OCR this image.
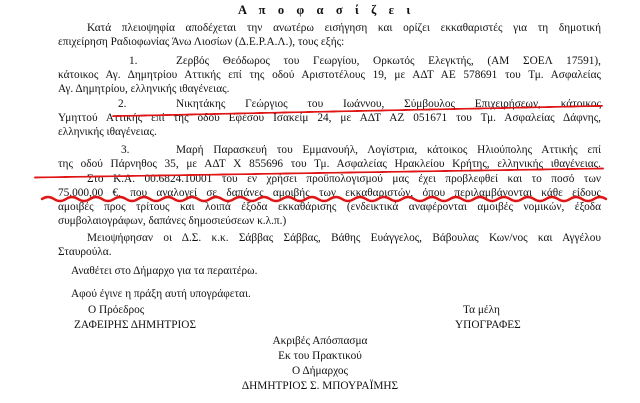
Α π ο φ α σ ί ζ ε ι
Κατά πλειοψηφία αποδέχεται την ανωτέρω εισήγηση και ορίζει εκκαθαριστές για τη δημοτική
επιχείρηση Ραδιοφωνίας Άνω Λιοσίων (Δ.Ε.Ρ.Α.Λ.), τους εξής:
1.	Ζερβός Θεόδωρος του Γεωργίου, Ορκωτός Ελεγκτής, (ΑΜ ΣΟΕΛ 17591),
κάτοικος Αγ. Δημητρίου Αττικής επί της οδού Αριστοτέλους 19, με ΑΔΤ ΑΕ 578691 του Τμ. Ασφαλείας
Αγ. Δημητρίου, ελληνικής ιθαγένειας.
2.	Νικητάκης Γεώργιος του Ιωάννου, Σύμβουλος Επιχειρήσεων, κάτοικος
Υμηττού Αττικής επί της οδού Εφέσου Ισακείμ 24, με ΑΔΤ ΑΖ 051671 του Τμ. Ασφαλείας Δάφνης,
ελληνικής ιθαγένειας.
3.	Μαρή Παρασκευή του Εμμανουήλ, Λογίστρια, κάτοικος Ηλιούπολης Αττικής επί
της οδού Πάρνηθος 35, με ΑΔΤ Χ 855696 του Τμ. Ασφαλείας Ηρακλείου Κρήτης, ελληνικής ιθαγένειας.
Στο Κ.Α. 00.6824.10001 του εν χρήσει προϋπολογισμού μας έχει προβλεφθεί και το ποσό των
75.000,00 €, που αναλογεί σε δαπάνες αμοιβής των εκκαθαριστών, όπου περιλαμβάνονται κάθε είδους
αμοιβές προς τρίτους και λοιπά έξοδα εκκαθάρισης (ενδεικτικά αναφέρονται αμοιβές νομικών, έξοδα
συμβολαιογράφων, δαπάνες δημοσιεύσεων κ.λ.π.)
Μειοψήφησαν οι Δ.Σ. κ.κ. Σάββας Σάββας, Βάθης Ευάγγελος, Βάβουλας Κων/νος και Αγγέλου
Σταυρούλα.
Αναθέτει στο Δήμαρχο για τα περαιτέρω.
Αφού έγινε η πράξη αυτή υπογράφεται.
Ο Πρόεδρος
ΖΑΦΕΙΡΗΣ ΔΗΜΗΤΡΙΟΣ
Τα μέλη
ΥΠΟΓΡΑΦΕΣ
Ακριβές Απόσπασμα
Εκ του Πρακτικού
Ο Δήμαρχος
ΔΗΜΗΤΡΙΟΣ Σ. ΜΠΟΥΡΑΪΜΗΣ
